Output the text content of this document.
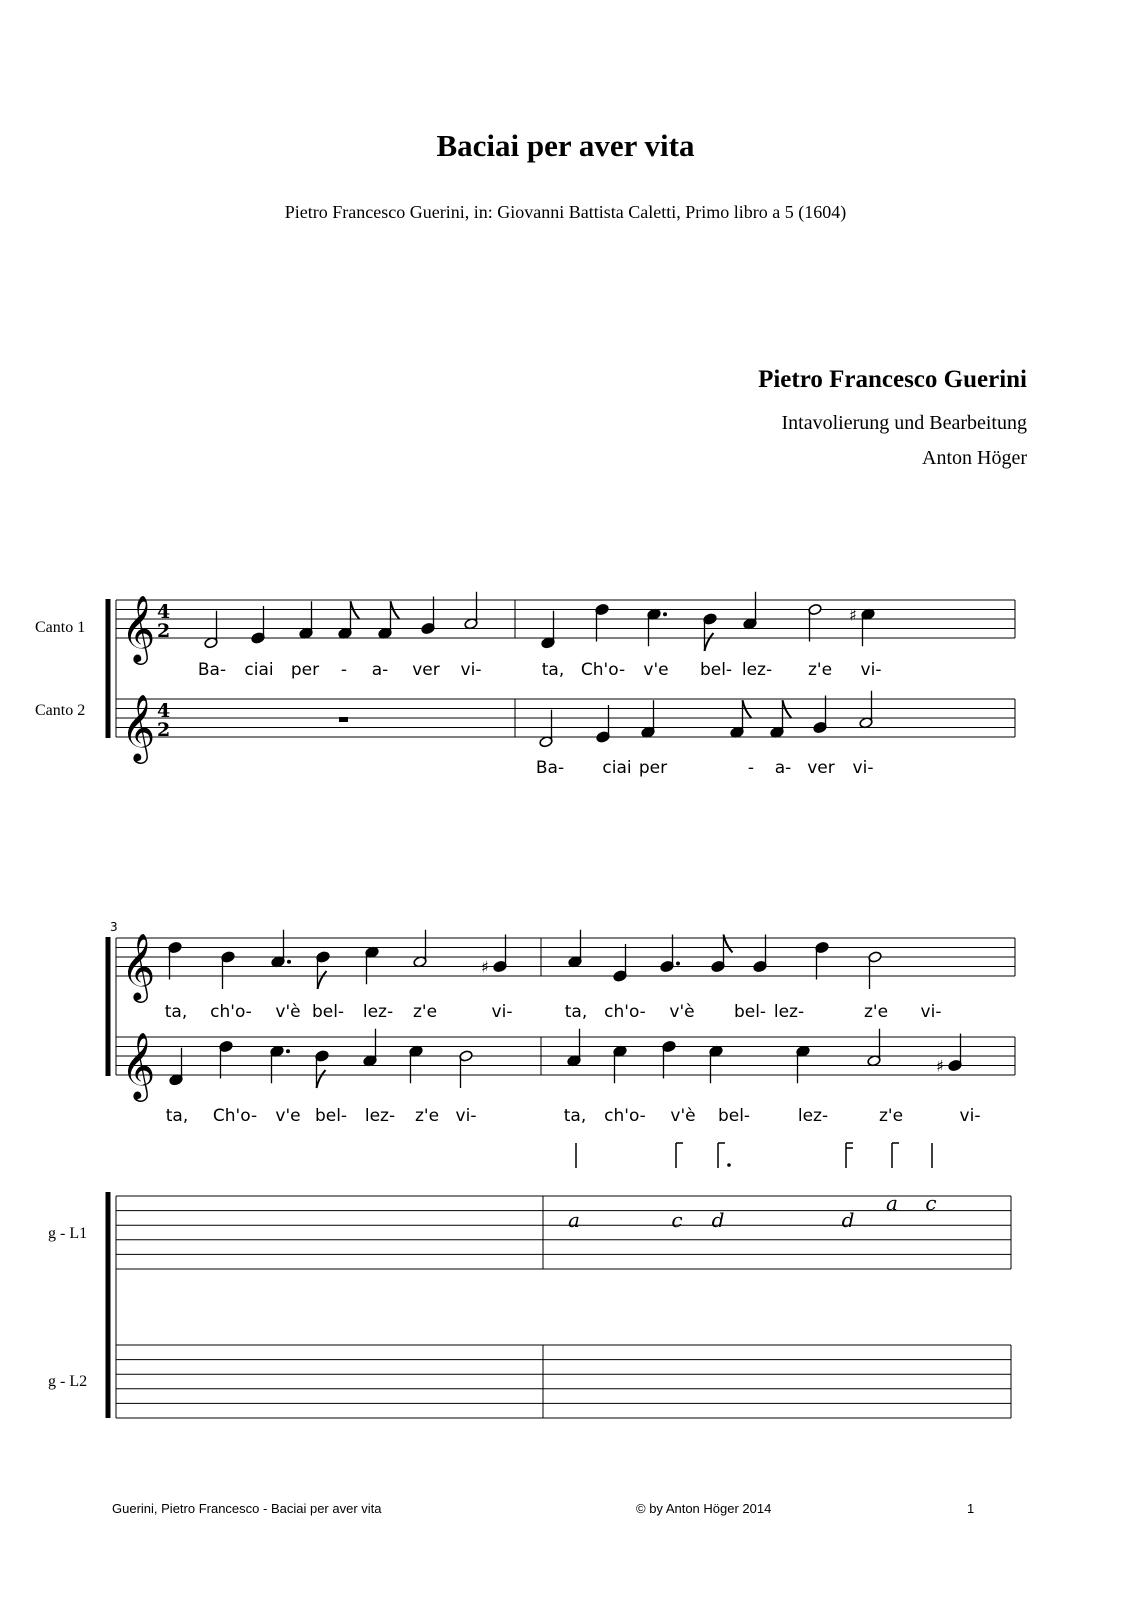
Baciai per aver vita
Pietro Francesco Guerini, in: Giovanni Battista Caletti, Primo libro a 5 (1604)
Pietro Francesco Guerini
Intavolierung und Bearbeitung
Anton Höger
Canto 1
Canto 2
g - L1
g - L2
Guerini, Pietro Francesco - Baciai per aver vita	© by Anton Höger 2014	1
♯
♯
♯
𝄞
𝄞
𝄞
𝄞
4
2
4
2
3
Ba- ciai per - a- ver vi-	ta, Ch'o- v'e bel- lez- z'e vi-
Ba- ciai per	- a- ver vi-
ta, ch'o- v'è bel- lez- z'e	vi-	ta, ch'o- v'è bel- lez-	z'e vi-
ta, Ch'o- v'e bel- lez- z'e vi-	ta, ch'o- v'è bel-	lez-	z'e	vi-
a	c d	d
a c
